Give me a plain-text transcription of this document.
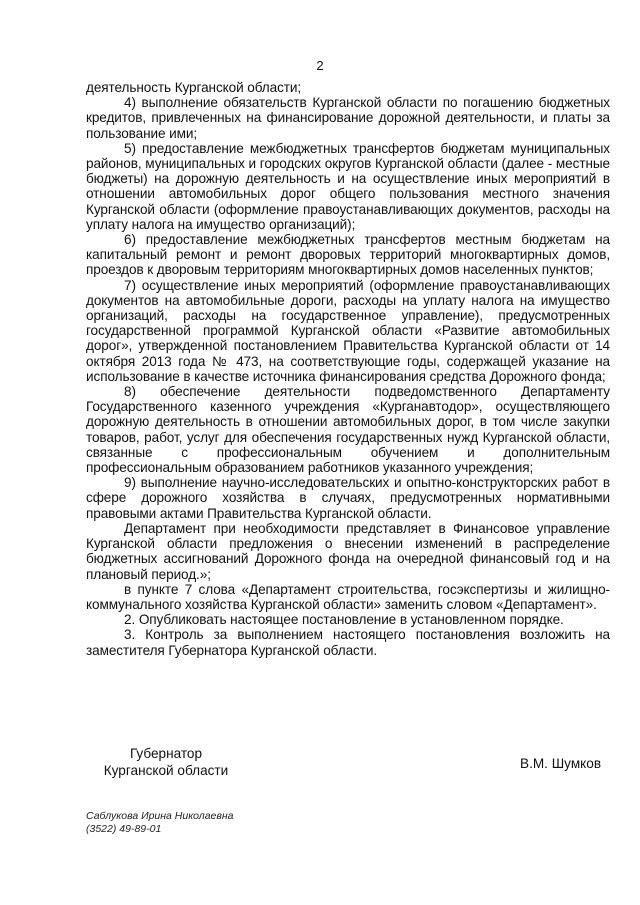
2

деятельность Курганской области;

4) выполнение обязательств Курганской области по погашению бюджетных кредитов, привлеченных на финансирование дорожной деятельности, и платы за пользование ими;

5) предоставление межбюджетных трансфертов бюджетам муниципальных районов, муниципальных и городских округов Курганской области (далее - местные бюджеты) на дорожную деятельность и на осуществление иных мероприятий в отношении автомобильных дорог общего пользования местного значения Курганской области (оформление правоустанавливающих документов, расходы на уплату налога на имущество организаций);

6) предоставление межбюджетных трансфертов местным бюджетам на капитальный ремонт и ремонт дворовых территорий многоквартирных домов, проездов к дворовым территориям многоквартирных домов населенных пунктов;

7) осуществление иных мероприятий (оформление правоустанавливающих документов на автомобильные дороги, расходы на уплату налога на имущество организаций, расходы на государственное управление), предусмотренных государственной программой Курганской области «Развитие автомобильных дорог», утвержденной постановлением Правительства Курганской области от 14 октября 2013 года № 473, на соответствующие годы, содержащей указание на использование в качестве источника финансирования средства Дорожного фонда;

8) обеспечение деятельности подведомственного Департаменту Государственного казенного учреждения «Курганавтодор», осуществляющего дорожную деятельность в отношении автомобильных дорог, в том числе закупки товаров, работ, услуг для обеспечения государственных нужд Курганской области, связанные с профессиональным обучением и дополнительным профессиональным образованием работников указанного учреждения;

9) выполнение научно-исследовательских и опытно-конструкторских работ в сфере дорожного хозяйства в случаях, предусмотренных нормативными правовыми актами Правительства Курганской области.

Департамент при необходимости представляет в Финансовое управление Курганской области предложения о внесении изменений в распределение бюджетных ассигнований Дорожного фонда на очередной финансовый год и на плановый период.»;

в пункте 7 слова «Департамент строительства, госэкспертизы и жилищно-коммунального хозяйства Курганской области» заменить словом «Департамент».

2. Опубликовать настоящее постановление в установленном порядке.

3. Контроль за выполнением настоящего постановления возложить на заместителя Губернатора Курганской области.

Губернатор
Курганской области	В.М. Шумков
Саблукова Ирина Николаевна
(3522) 49-89-01
